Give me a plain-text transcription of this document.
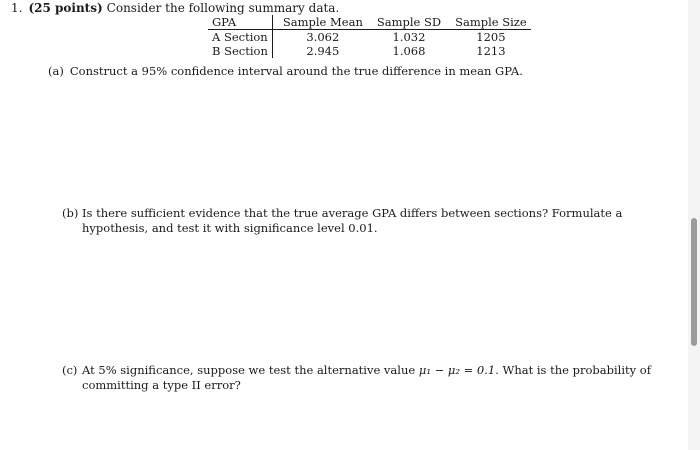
1. (25 points) Consider the following summary data.
GPA	Sample Mean	Sample SD	Sample Size
A Section	3.062	1.032	1205
B Section	2.945	1.068	1213
(a) Construct a 95% confidence interval around the true difference in mean GPA.
(b) Is there sufficient evidence that the true average GPA differs between sections? Formulate a hypothesis, and test it with significance level 0.01.
(c) At 5% significance, suppose we test the alternative value μ₁ − μ₂ = 0.1. What is the probability of committing a type II error?
